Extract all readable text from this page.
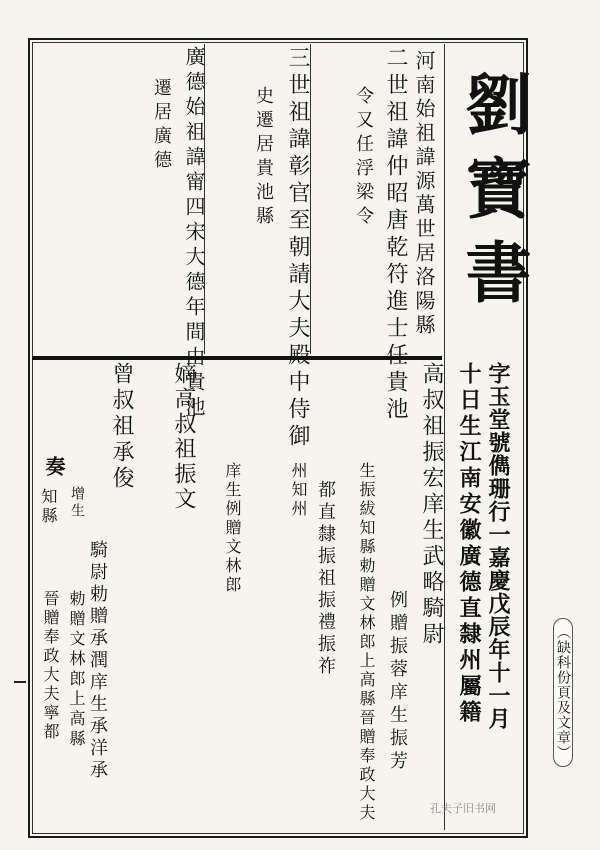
劉寶書
字玉堂號儁珊行一嘉慶戊辰年十一月
十日生江南安徽廣德直隸州屬籍
河南始祖諱源萬世居洛陽縣
二世祖諱仲昭唐乾符進士任貴池
令又任浮梁令
三世祖諱彰官至朝請大夫殿中侍御
史遷居貴池縣
廣德始祖諱甯四宋大德年間由貴池
遷居廣德
高叔祖振宏庠生武略騎尉
例贈振蓉庠生振芳
生振紱知縣勅贈文林郎上高縣晉贈奉政大夫
都直隸振祖振禮振祚
州知州
庠生例贈文林郎
嫡高叔祖振文
曾叔祖承俊
騎尉勅贈承潤庠生承洋承
勅贈文林郎上高縣
晉贈奉政大夫寧都
知縣
奏
增生
（缺科份頁及文章）
孔夫子旧书网
